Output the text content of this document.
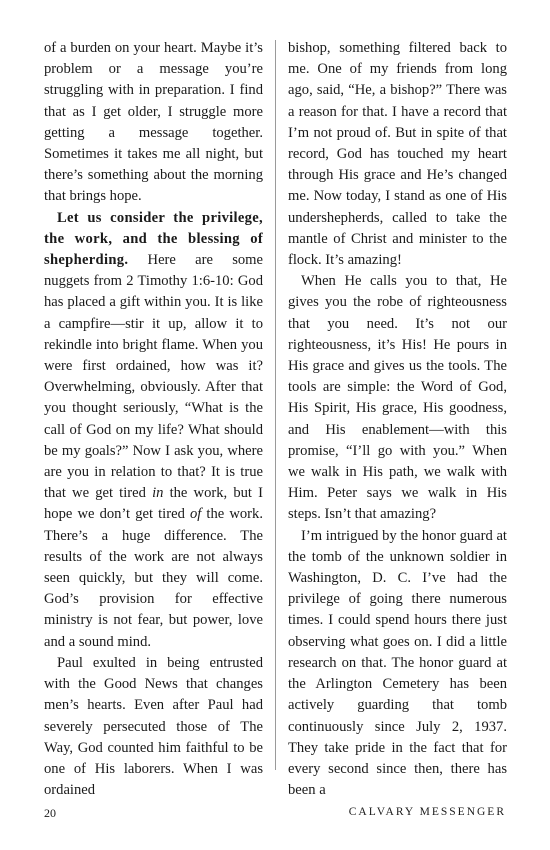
of a burden on your heart. Maybe it’s problem or a message you’re struggling with in preparation. I find that as I get older, I struggle more getting a message together. Sometimes it takes me all night, but there’s something about the morning that brings hope.

Let us consider the privilege, the work, and the blessing of shepherding. Here are some nuggets from 2 Timothy 1:6-10: God has placed a gift within you. It is like a campfire—stir it up, allow it to rekindle into bright flame. When you were first ordained, how was it? Overwhelming, obviously. After that you thought seriously, “What is the call of God on my life? What should be my goals?” Now I ask you, where are you in relation to that? It is true that we get tired in the work, but I hope we don’t get tired of the work. There’s a huge difference. The results of the work are not always seen quickly, but they will come. God’s provision for effective ministry is not fear, but power, love and a sound mind.

Paul exulted in being entrusted with the Good News that changes men’s hearts. Even after Paul had severely persecuted those of The Way, God counted him faithful to be one of His laborers. When I was ordained

bishop, something filtered back to me. One of my friends from long ago, said, “He, a bishop?” There was a reason for that. I have a record that I’m not proud of. But in spite of that record, God has touched my heart through His grace and He’s changed me. Now today, I stand as one of His undershepherds, called to take the mantle of Christ and minister to the flock. It’s amazing!

When He calls you to that, He gives you the robe of righteousness that you need. It’s not our righteousness, it’s His! He pours in His grace and gives us the tools. The tools are simple: the Word of God, His Spirit, His grace, His goodness, and His enablement—with this promise, “I’ll go with you.” When we walk in His path, we walk with Him. Peter says we walk in His steps. Isn’t that amazing?

I’m intrigued by the honor guard at the tomb of the unknown soldier in Washington, D. C. I’ve had the privilege of going there numerous times. I could spend hours there just observing what goes on. I did a little research on that. The honor guard at the Arlington Cemetery has been actively guarding that tomb continuously since July 2, 1937. They take pride in the fact that for every second since then, there has been a

20	CALVARY MESSENGER
